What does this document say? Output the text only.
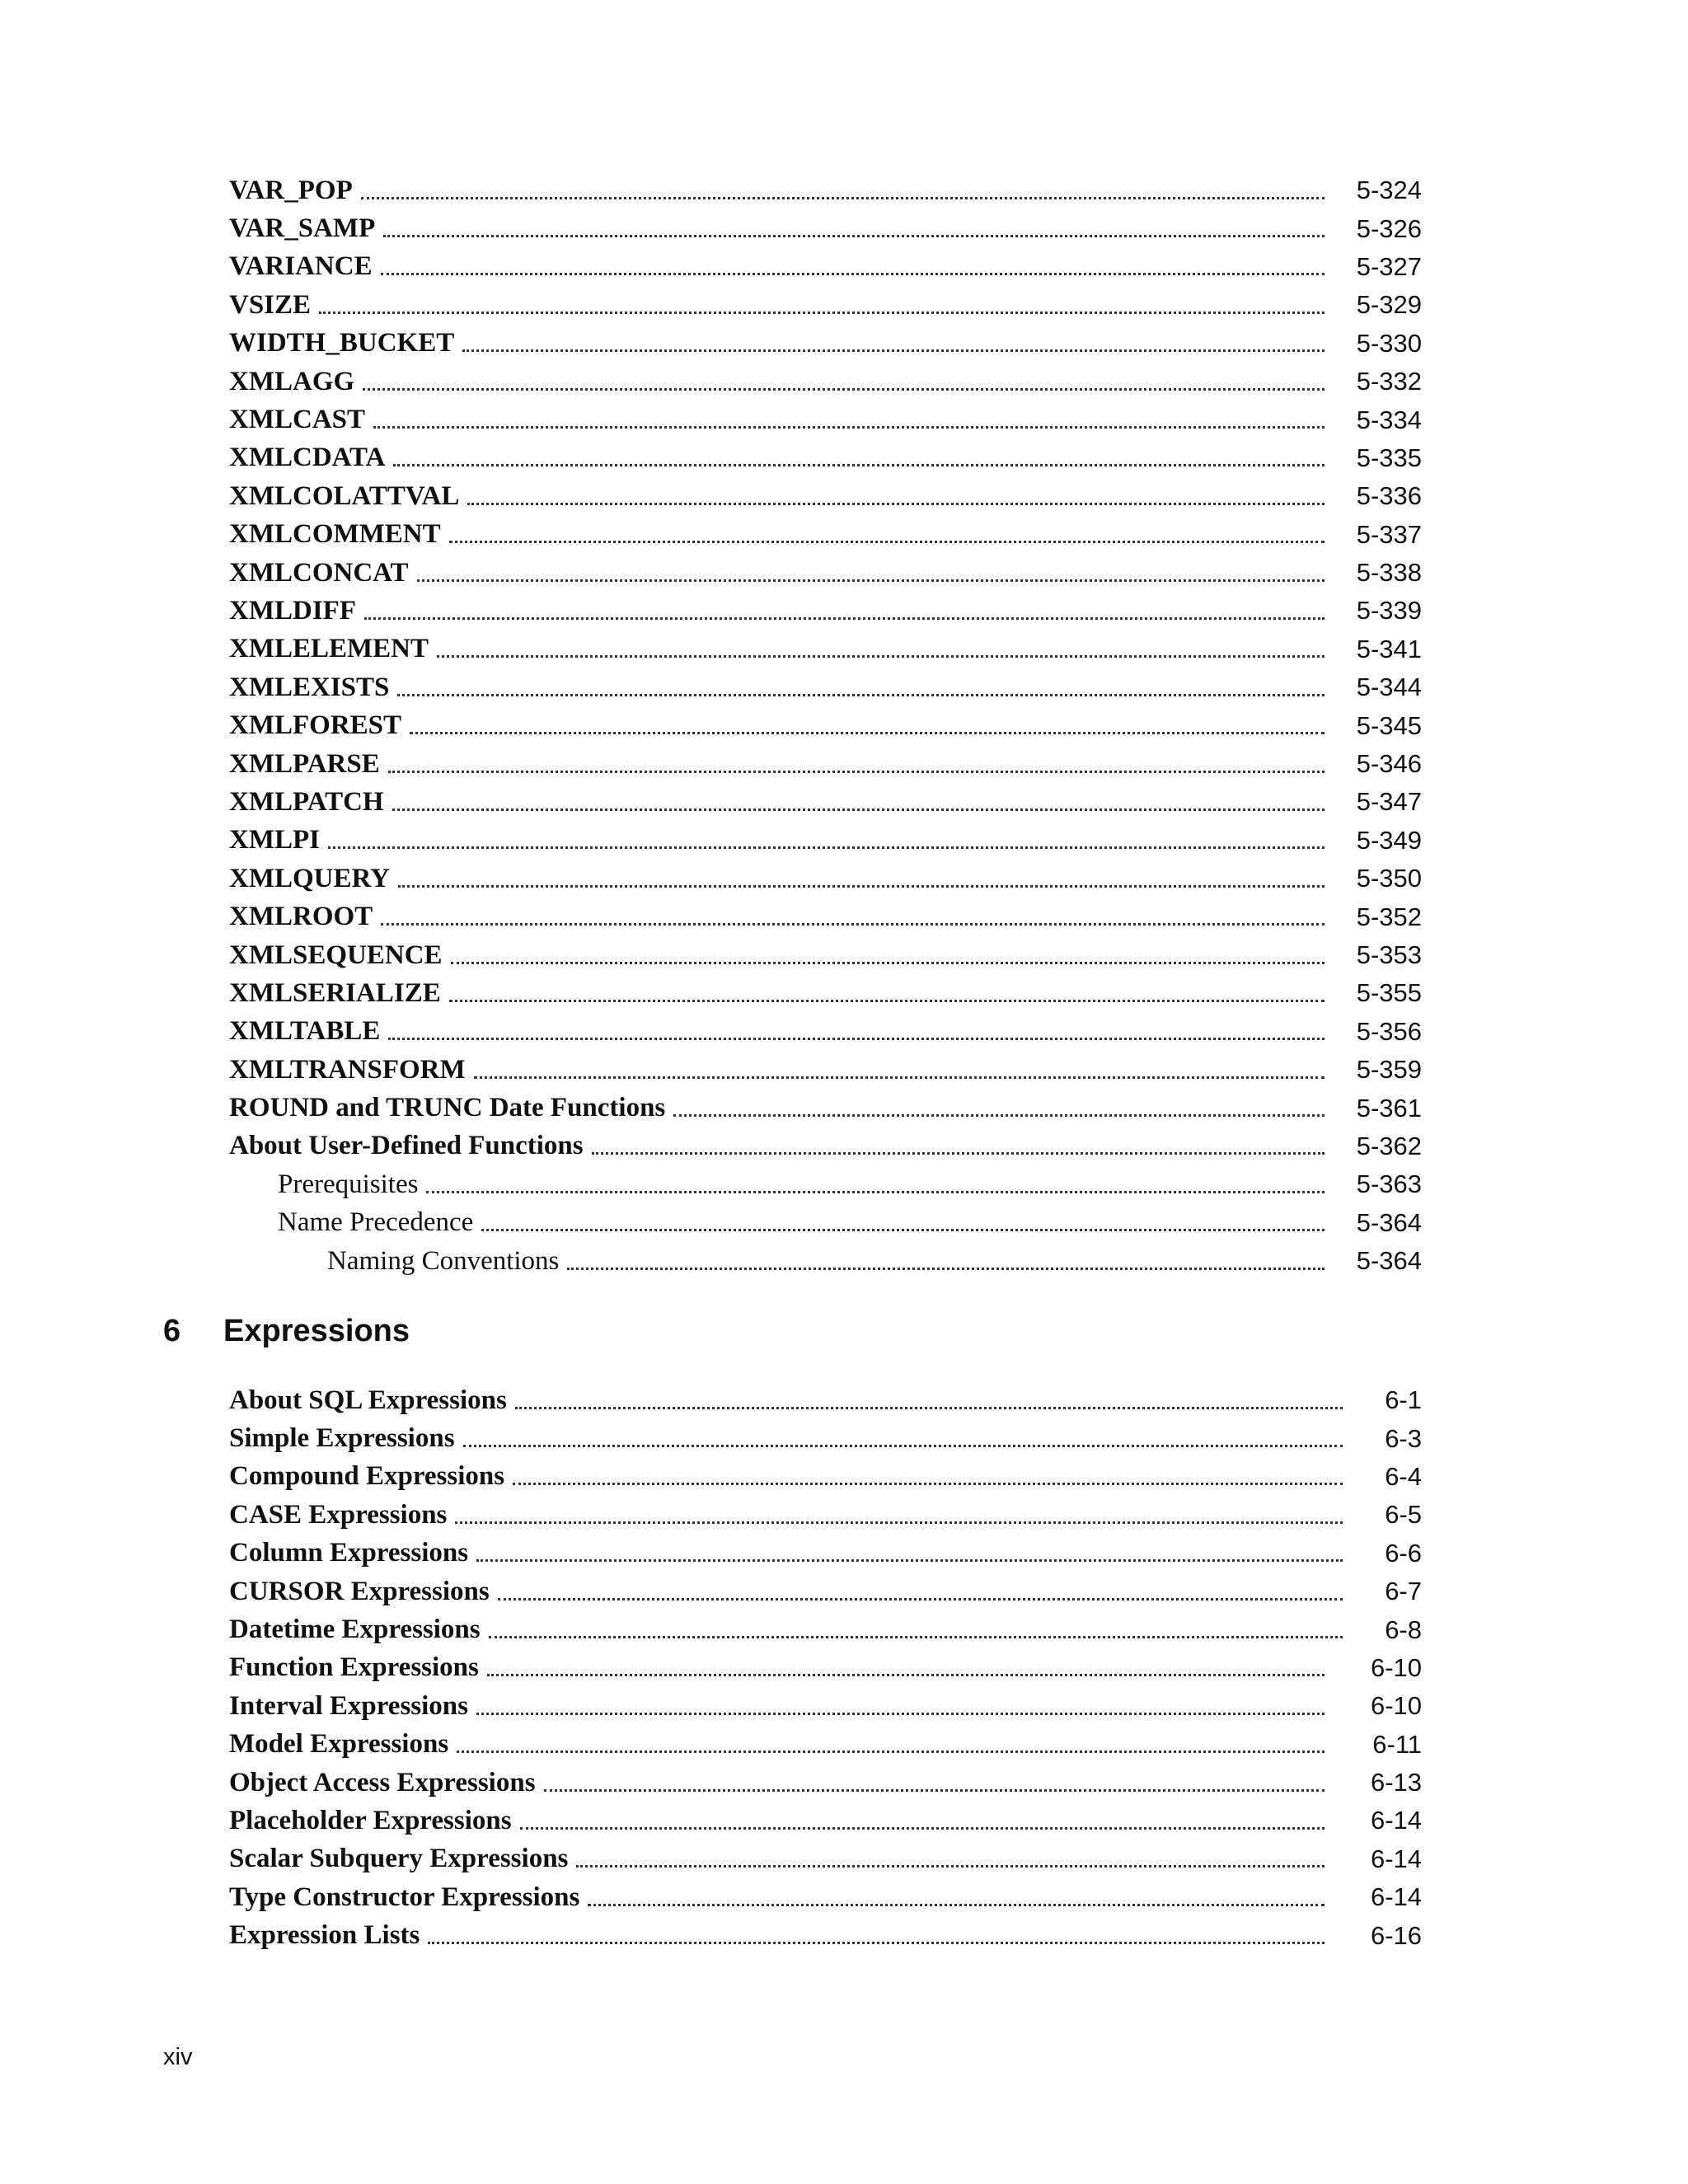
VAR_POP	5-324
VAR_SAMP	5-326
VARIANCE	5-327
VSIZE	5-329
WIDTH_BUCKET	5-330
XMLAGG	5-332
XMLCAST	5-334
XMLCDATA	5-335
XMLCOLATTVAL	5-336
XMLCOMMENT	5-337
XMLCONCAT	5-338
XMLDIFF	5-339
XMLELEMENT	5-341
XMLEXISTS	5-344
XMLFOREST	5-345
XMLPARSE	5-346
XMLPATCH	5-347
XMLPI	5-349
XMLQUERY	5-350
XMLROOT	5-352
XMLSEQUENCE	5-353
XMLSERIALIZE	5-355
XMLTABLE	5-356
XMLTRANSFORM	5-359
ROUND and TRUNC Date Functions	5-361
About User-Defined Functions	5-362
Prerequisites	5-363
Name Precedence	5-364
Naming Conventions	5-364
6	Expressions
About SQL Expressions	6-1
Simple Expressions	6-3
Compound Expressions	6-4
CASE Expressions	6-5
Column Expressions	6-6
CURSOR Expressions	6-7
Datetime Expressions	6-8
Function Expressions	6-10
Interval Expressions	6-10
Model Expressions	6-11
Object Access Expressions	6-13
Placeholder Expressions	6-14
Scalar Subquery Expressions	6-14
Type Constructor Expressions	6-14
Expression Lists	6-16
xiv
